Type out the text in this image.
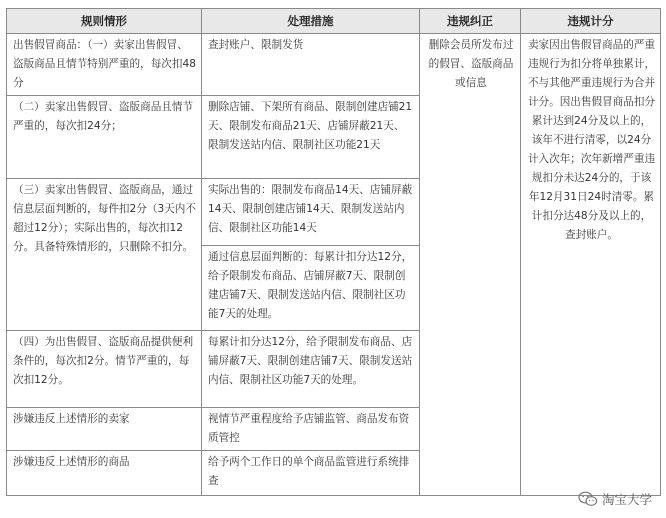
规则情形	处理措施	违规纠正	违规计分
出售假冒商品：（一）卖家出售假冒、盗版商品且情节特别严重的，每次扣48分	查封账户、限制发货	删除会员所发布过的假冒、盗版商品或信息	卖家因出售假冒商品的严重违规行为扣分将单独累计，不与其他严重违规行为合并计分。因出售假冒商品扣分累计达到24分及以上的，该年不进行清零，以24分计入次年；次年新增严重违规扣分未达24分的，于该年12月31日24时清零。累计扣分达48分及以上的，查封账户。
（二）卖家出售假冒、盗版商品且情节严重的，每次扣24分；	删除店铺、下架所有商品、限制创建店铺21天、限制发布商品21天、店铺屏蔽21天、限制发送站内信、限制社区功能21天		
（三）卖家出售假冒、盗版商品，通过信息层面判断的，每件扣2分（3天内不超过12分）；实际出售的，每次扣12分。具备特殊情形的，只删除不扣分。	实际出售的：限制发布商品14天、店铺屏蔽14天、限制创建店铺14天、限制发送站内信、限制社区功能14天		
	通过信息层面判断的：每累计扣分达12分，给予限制发布商品、店铺屏蔽7天、限制创建店铺7天、限制发送站内信、限制社区功能7天的处理。		
（四）为出售假冒、盗版商品提供便利条件的，每次扣2分。情节严重的，每次扣12分。	每累计扣分达12分，给予限制发布商品、店铺屏蔽7天、限制创建店铺7天、限制发送站内信、限制社区功能7天的处理。		
涉嫌违反上述情形的卖家	视情节严重程度给予店铺监管、商品发布资质管控		
涉嫌违反上述情形的商品	给予两个工作日的单个商品监管进行系统排查		
淘宝大学
